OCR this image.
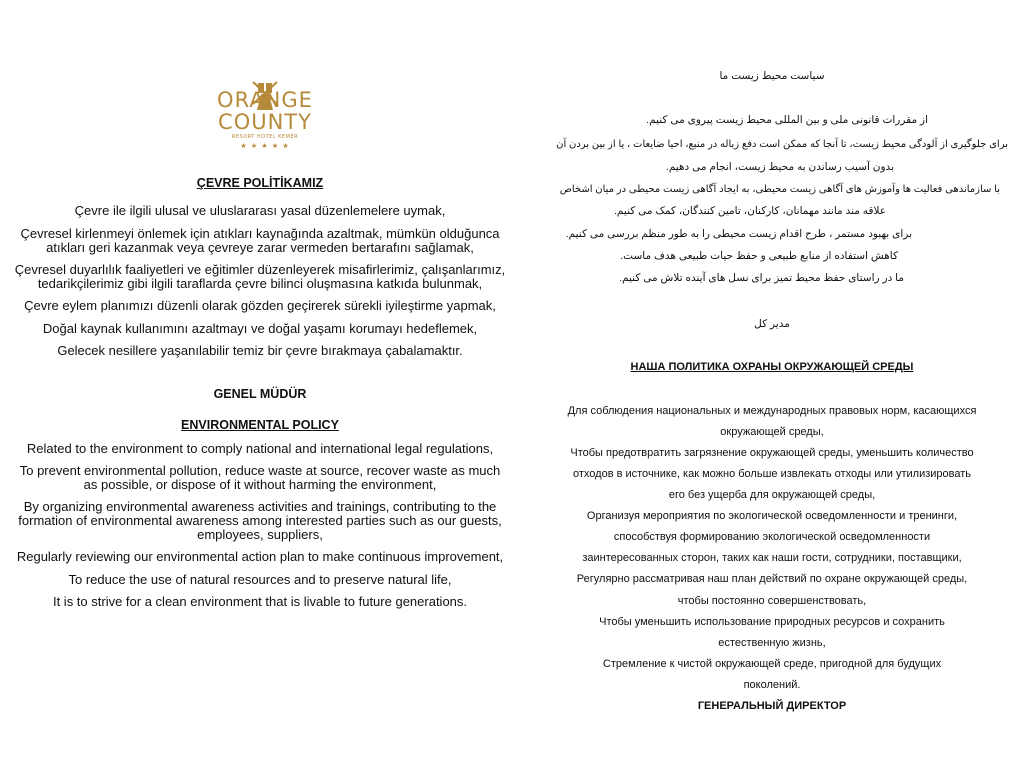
ORANGE
COUNTY
RESORT HOTEL KEMER
★ ★ ★ ★ ★
ÇEVRE POLİTİKAMIZ
Çevre ile ilgili ulusal ve uluslararası yasal düzenlemelere uymak,
Çevresel kirlenmeyi önlemek için atıkları kaynağında azaltmak, mümkün olduğunca
atıkları geri kazanmak veya çevreye zarar vermeden bertarafını sağlamak,
Çevresel duyarlılık faaliyetleri ve eğitimler düzenleyerek misafirlerimiz, çalışanlarımız,
tedarikçilerimiz gibi ilgili taraflarda çevre bilinci oluşmasına katkıda bulunmak,
Çevre eylem planımızı düzenli olarak gözden geçirerek sürekli iyileştirme yapmak,
Doğal kaynak kullanımını azaltmayı ve doğal yaşamı korumayı hedeflemek,
Gelecek nesillere yaşanılabilir temiz bir çevre bırakmaya çabalamaktır.
GENEL MÜDÜR
ENVIRONMENTAL POLICY
Related to the environment to comply national and international legal regulations,
To prevent environmental pollution, reduce waste at source, recover waste as much
as possible, or dispose of it without harming the environment,
By organizing environmental awareness activities and trainings, contributing to the
formation of environmental awareness among interested parties such as our guests,
employees, suppliers,
Regularly reviewing our environmental action plan to make continuous improvement,
To reduce the use of natural resources and to preserve natural life,
It is to strive for a clean environment that is livable to future generations.
سیاست محیط زیست ما
از مقررات قانونی ملی و بین المللی محیط زیست پیروی می کنیم.
برای جلوگیری از آلودگی محیط زیست، تا آنجا که ممکن است دفع زباله در منبع، احیا ضایعات ، یا از بین بردن آن
بدون آسیب رساندن به محیط زیست، انجام می دهیم.
با سازماندهی فعالیت ها وآموزش های آگاهی زیست محیطی، به ایجاد آگاهی زیست محیطی در میان اشخاص
علاقه مند مانند مهمانان، کارکنان، تامین کنندگان، کمک می کنیم.
برای بهبود مستمر ، طرح اقدام زیست محیطی را به طور منظم بررسی می کنیم.
کاهش استفاده از منابع طبیعی و حفظ حیات طبیعی هدف ماست.
ما در راستای حفظ محیط تمیز برای نسل های آینده تلاش می کنیم.
مدیر کل
НАША ПОЛИТИКА ОХРАНЫ ОКРУЖАЮЩЕЙ СРЕДЫ
Для соблюдения национальных и международных правовых норм, касающихся
окружающей среды,
Чтобы предотвратить загрязнение окружающей среды, уменьшить количество
отходов в источнике, как можно больше извлекать отходы или утилизировать
его без ущерба для окружающей среды,
Организуя мероприятия по экологической осведомленности и тренинги,
способствуя формированию экологической осведомленности
заинтересованных сторон, таких как наши гости, сотрудники, поставщики,
Регулярно рассматривая наш план действий по охране окружающей среды,
чтобы постоянно совершенствовать,
Чтобы уменьшить использование природных ресурсов и сохранить
естественную жизнь,
Стремление к чистой окружающей среде, пригодной для будущих
поколений.
ГЕНЕРАЛЬНЫЙ ДИРЕКТОР
